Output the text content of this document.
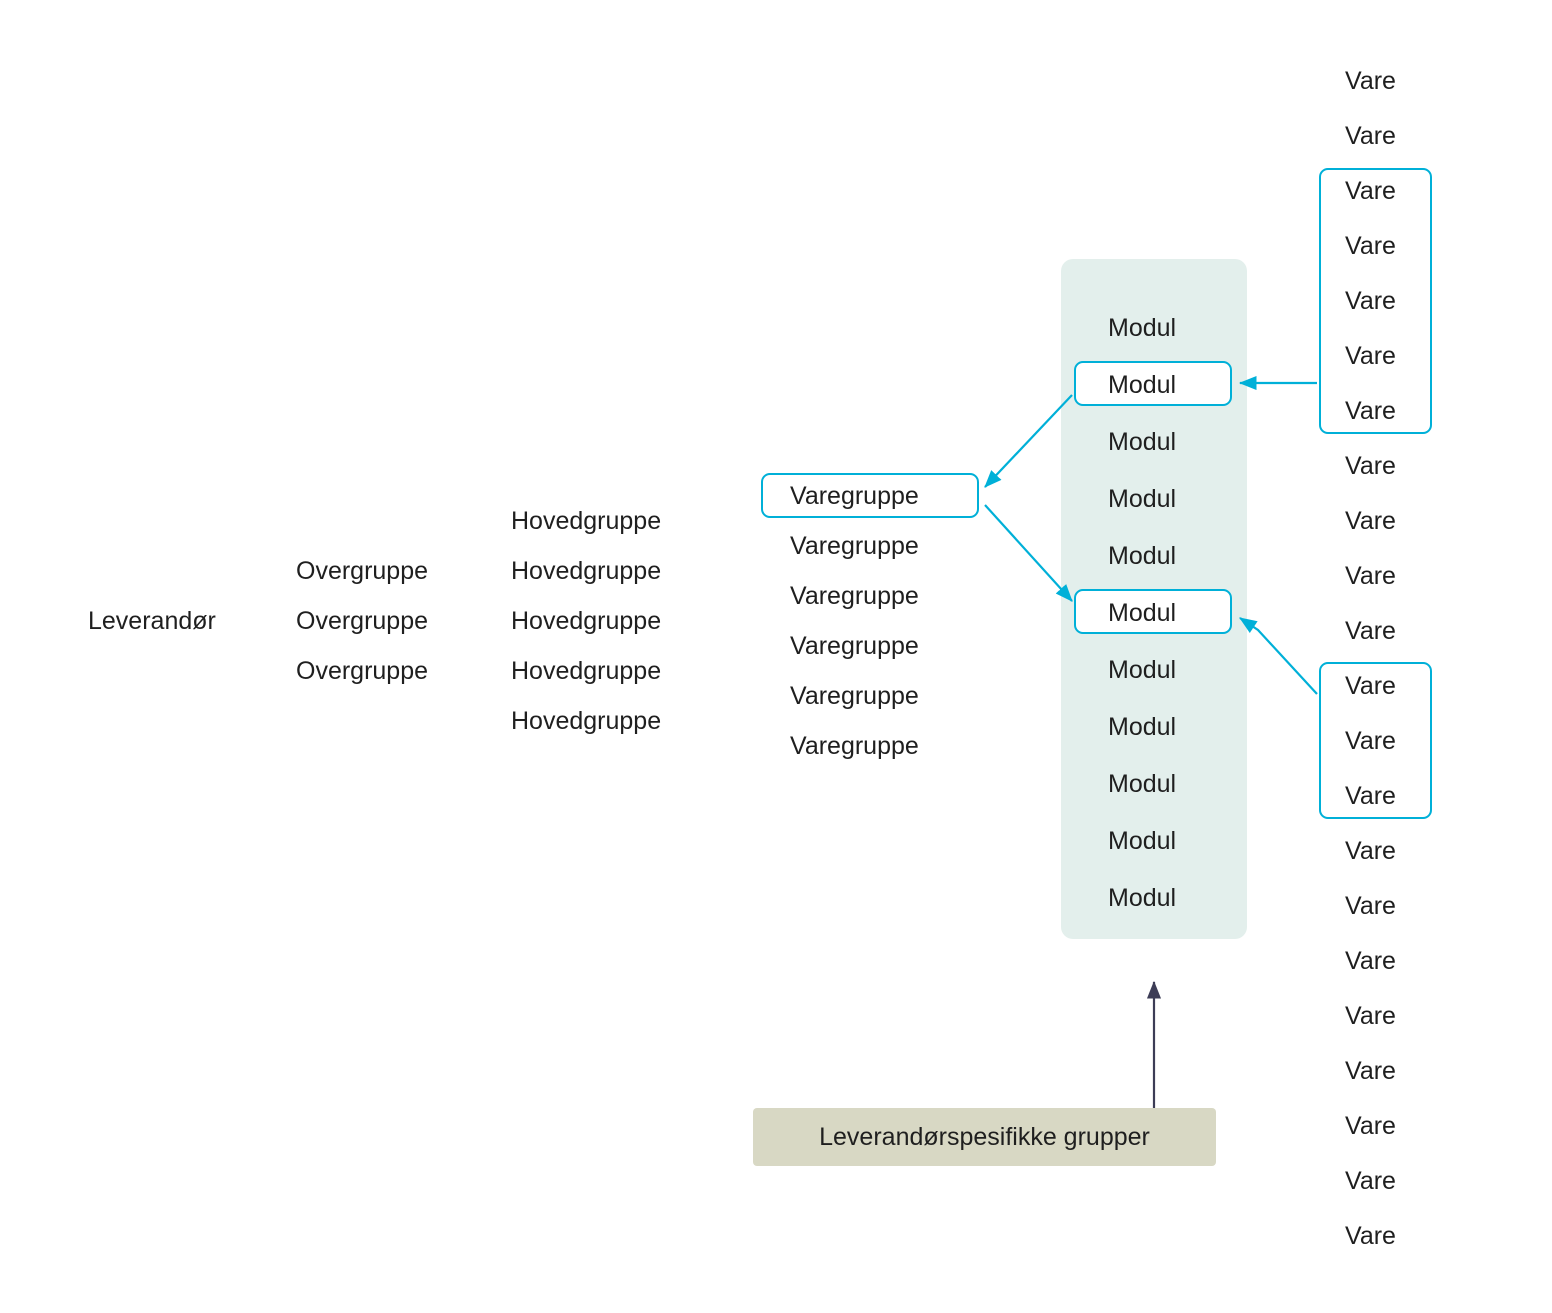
Leverandør
Overgruppe
Overgruppe
Overgruppe
Hovedgruppe
Hovedgruppe
Hovedgruppe
Hovedgruppe
Hovedgruppe
Varegruppe
Varegruppe
Varegruppe
Varegruppe
Varegruppe
Varegruppe
Modul
Modul
Modul
Modul
Modul
Modul
Modul
Modul
Modul
Modul
Modul
Vare
Vare
Vare
Vare
Vare
Vare
Vare
Vare
Vare
Vare
Vare
Vare
Vare
Vare
Vare
Vare
Vare
Vare
Vare
Vare
Vare
Vare
Leverandørspesifikke grupper
